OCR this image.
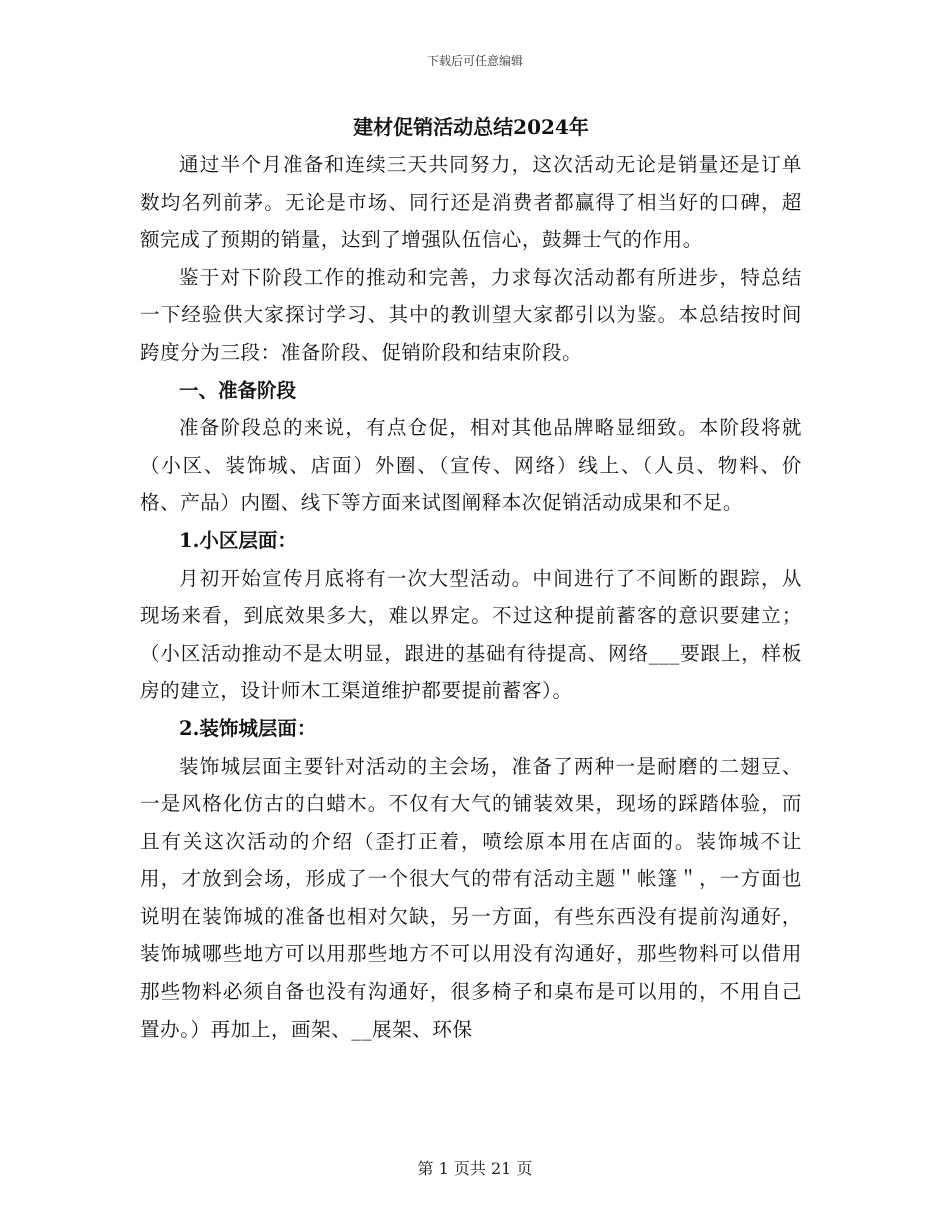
下载后可任意编辑
建材促销活动总结2024年

通过半个月准备和连续三天共同努力，这次活动无论是销量还是订单数均名列前茅。无论是市场、同行还是消费者都赢得了相当好的口碑，超额完成了预期的销量，达到了增强队伍信心，鼓舞士气的作用。

鉴于对下阶段工作的推动和完善，力求每次活动都有所进步，特总结一下经验供大家探讨学习、其中的教训望大家都引以为鉴。本总结按时间跨度分为三段：准备阶段、促销阶段和结束阶段。

一、准备阶段

准备阶段总的来说，有点仓促，相对其他品牌略显细致。本阶段将就（小区、装饰城、店面）外圈、（宣传、网络）线上、（人员、物料、价格、产品）内圈、线下等方面来试图阐释本次促销活动成果和不足。

1.小区层面：

月初开始宣传月底将有一次大型活动。中间进行了不间断的跟踪，从现场来看，到底效果多大，难以界定。不过这种提前蓄客的意识要建立；（小区活动推动不是太明显，跟进的基础有待提高、网络___要跟上，样板房的建立，设计师木工渠道维护都要提前蓄客）。

2.装饰城层面：

装饰城层面主要针对活动的主会场，准备了两种一是耐磨的二翅豆、一是风格化仿古的白蜡木。不仅有大气的铺装效果，现场的踩踏体验，而且有关这次活动的介绍（歪打正着，喷绘原本用在店面的。装饰城不让用，才放到会场，形成了一个很大气的带有活动主题＂帐篷＂，一方面也说明在装饰城的准备也相对欠缺，另一方面，有些东西没有提前沟通好，装饰城哪些地方可以用那些地方不可以用没有沟通好，那些物料可以借用那些物料必须自备也没有沟通好，很多椅子和桌布是可以用的，不用自己置办。）再加上，画架、__展架、环保

第 1 页共 21 页
